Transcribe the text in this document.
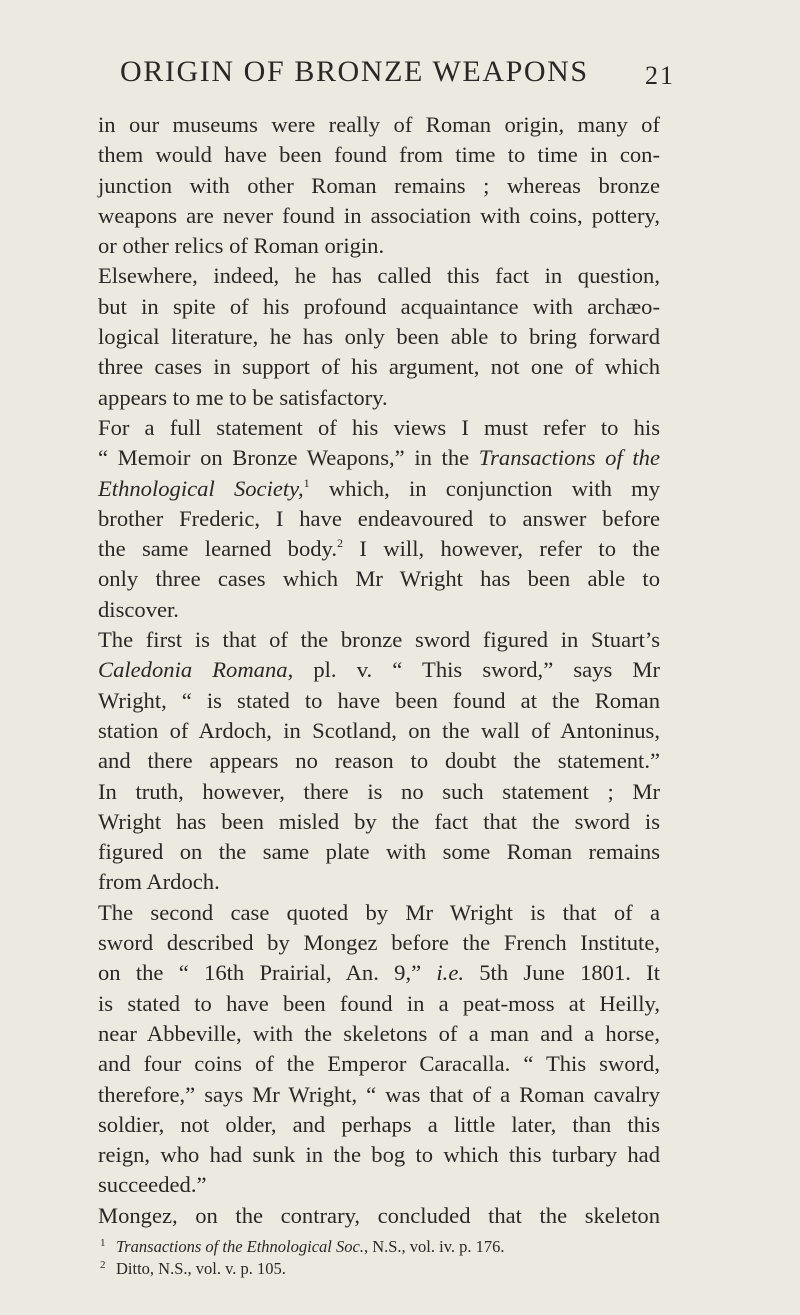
ORIGIN OF BRONZE WEAPONS 21
in our museums were really of Roman origin, many of
them would have been found from time to time in con-
junction with other Roman remains ; whereas bronze
weapons are never found in association with coins, pottery,
or other relics of Roman origin.
Elsewhere, indeed, he has called this fact in question,
but in spite of his profound acquaintance with archæo-
logical literature, he has only been able to bring forward
three cases in support of his argument, not one of which
appears to me to be satisfactory.
For a full statement of his views I must refer to his
“ Memoir on Bronze Weapons,” in the Transactions of the
Ethnological Society,$^1$ which, in conjunction with my
brother Frederic, I have endeavoured to answer before
the same learned body.$^2$ I will, however, refer to the
only three cases which Mr Wright has been able to
discover.
The first is that of the bronze sword figured in Stuart’s
Caledonia Romana, pl. v. “ This sword,” says Mr
Wright, “ is stated to have been found at the Roman
station of Ardoch, in Scotland, on the wall of Antoninus,
and there appears no reason to doubt the statement.”
In truth, however, there is no such statement ; Mr
Wright has been misled by the fact that the sword is
figured on the same plate with some Roman remains
from Ardoch.
The second case quoted by Mr Wright is that of a
sword described by Mongez before the French Institute,
on the “ 16th Prairial, An. 9,” i.e. 5th June 1801. It
is stated to have been found in a peat-moss at Heilly,
near Abbeville, with the skeletons of a man and a horse,
and four coins of the Emperor Caracalla. “ This sword,
therefore,” says Mr Wright, “ was that of a Roman cavalry
soldier, not older, and perhaps a little later, than this
reign, who had sunk in the bog to which this turbary had
succeeded.”
Mongez, on the contrary, concluded that the skeleton
1 Transactions of the Ethnological Soc., N.S., vol. iv. p. 176.
2 Ditto, N.S., vol. v. p. 105.
